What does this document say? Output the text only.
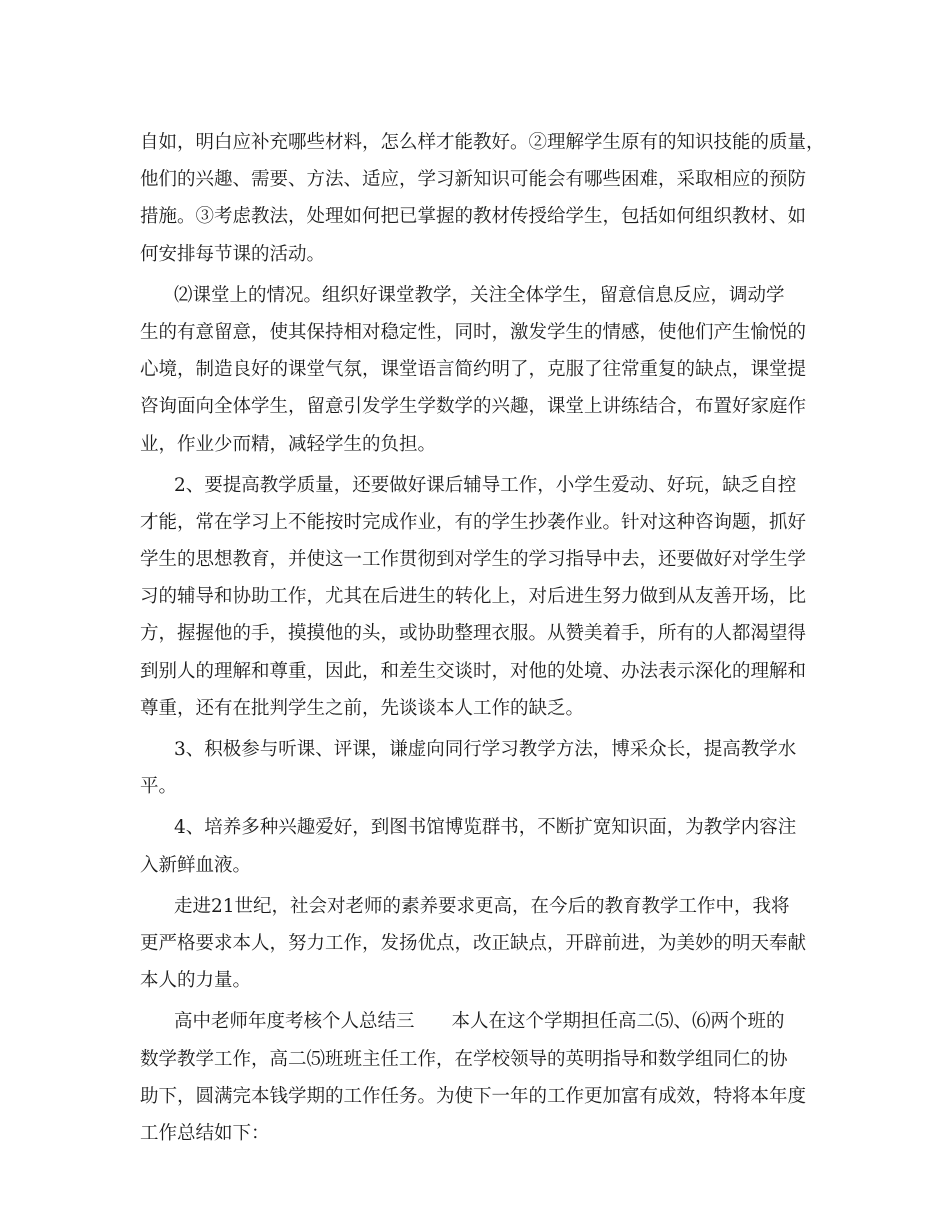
自如，明白应补充哪些材料，怎么样才能教好。②理解学生原有的知识技能的质量，
他们的兴趣、需要、方法、适应，学习新知识可能会有哪些困难，采取相应的预防
措施。③考虑教法，处理如何把已掌握的教材传授给学生，包括如何组织教材、如
何安排每节课的活动。
⑵课堂上的情况。组织好课堂教学，关注全体学生，留意信息反应，调动学
生的有意留意，使其保持相对稳定性，同时，激发学生的情感，使他们产生愉悦的
心境，制造良好的课堂气氛，课堂语言简约明了，克服了往常重复的缺点，课堂提
咨询面向全体学生，留意引发学生学数学的兴趣，课堂上讲练结合，布置好家庭作
业，作业少而精，减轻学生的负担。
2、要提高教学质量，还要做好课后辅导工作，小学生爱动、好玩，缺乏自控
才能，常在学习上不能按时完成作业，有的学生抄袭作业。针对这种咨询题，抓好
学生的思想教育，并使这一工作贯彻到对学生的学习指导中去，还要做好对学生学
习的辅导和协助工作，尤其在后进生的转化上，对后进生努力做到从友善开场，比
方，握握他的手，摸摸他的头，或协助整理衣服。从赞美着手，所有的人都渴望得
到别人的理解和尊重，因此，和差生交谈时，对他的处境、办法表示深化的理解和
尊重，还有在批判学生之前，先谈谈本人工作的缺乏。
3、积极参与听课、评课，谦虚向同行学习教学方法，博采众长，提高教学水
平。
4、培养多种兴趣爱好，到图书馆博览群书，不断扩宽知识面，为教学内容注
入新鲜血液。
走进21世纪，社会对老师的素养要求更高，在今后的教育教学工作中，我将
更严格要求本人，努力工作，发扬优点，改正缺点，开辟前进，为美妙的明天奉献
本人的力量。
高中老师年度考核个人总结三　　本人在这个学期担任高二⑸、⑹两个班的
数学教学工作，高二⑸班班主任工作，在学校领导的英明指导和数学组同仁的协
助下，圆满完本钱学期的工作任务。为使下一年的工作更加富有成效，特将本年度
工作总结如下：
